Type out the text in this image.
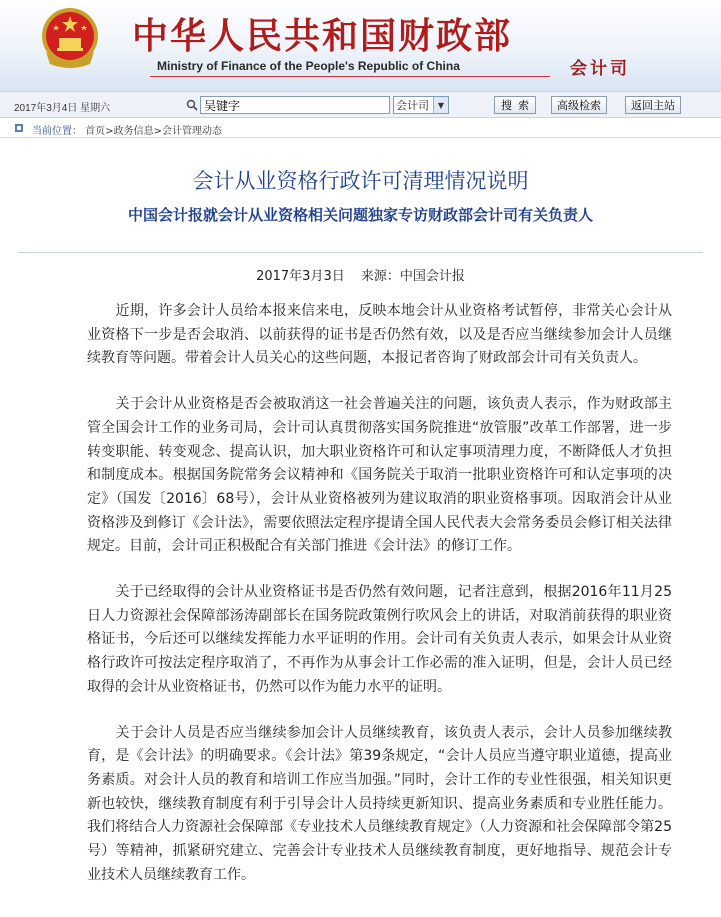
中华人民共和国财政部
Ministry of Finance of the People's Republic of China	会计司
2017年3月4日 星期六
吴键字	会计司	▼	搜索	高级检索	返回主站
当前位置： 首页>政务信息>会计管理动态
会计从业资格行政许可清理情况说明
中国会计报就会计从业资格相关问题独家专访财政部会计司有关负责人
2017年3月3日 来源：中国会计报

　　近期，许多会计人员给本报来信来电，反映本地会计从业资格考试暂停，非常关心会计从业资格下一步是否会取消、以前获得的证书是否仍然有效，以及是否应当继续参加会计人员继续教育等问题。带着会计人员关心的这些问题，本报记者咨询了财政部会计司有关负责人。

　　关于会计从业资格是否会被取消这一社会普遍关注的问题，该负责人表示，作为财政部主管全国会计工作的业务司局，会计司认真贯彻落实国务院推进“放管服”改革工作部署，进一步转变职能、转变观念、提高认识，加大职业资格许可和认定事项清理力度，不断降低人才负担和制度成本。根据国务院常务会议精神和《国务院关于取消一批职业资格许可和认定事项的决定》（国发〔2016〕68号），会计从业资格被列为建议取消的职业资格事项。因取消会计从业资格涉及到修订《会计法》，需要依照法定程序提请全国人民代表大会常务委员会修订相关法律规定。目前，会计司正积极配合有关部门推进《会计法》的修订工作。

　　关于已经取得的会计从业资格证书是否仍然有效问题，记者注意到，根据2016年11月25日人力资源社会保障部汤涛副部长在国务院政策例行吹风会上的讲话，对取消前获得的职业资格证书，今后还可以继续发挥能力水平证明的作用。会计司有关负责人表示，如果会计从业资格行政许可按法定程序取消了，不再作为从事会计工作必需的准入证明，但是，会计人员已经取得的会计从业资格证书，仍然可以作为能力水平的证明。

　　关于会计人员是否应当继续参加会计人员继续教育，该负责人表示，会计人员参加继续教育，是《会计法》的明确要求。《会计法》第39条规定，“会计人员应当遵守职业道德，提高业务素质。对会计人员的教育和培训工作应当加强。”同时，会计工作的专业性很强，相关知识更新也较快，继续教育制度有利于引导会计人员持续更新知识、提高业务素质和专业胜任能力。我们将结合人力资源社会保障部《专业技术人员继续教育规定》（人力资源和社会保障部令第25号）等精神，抓紧研究建立、完善会计专业技术人员继续教育制度，更好地指导、规范会计专业技术人员继续教育工作。
